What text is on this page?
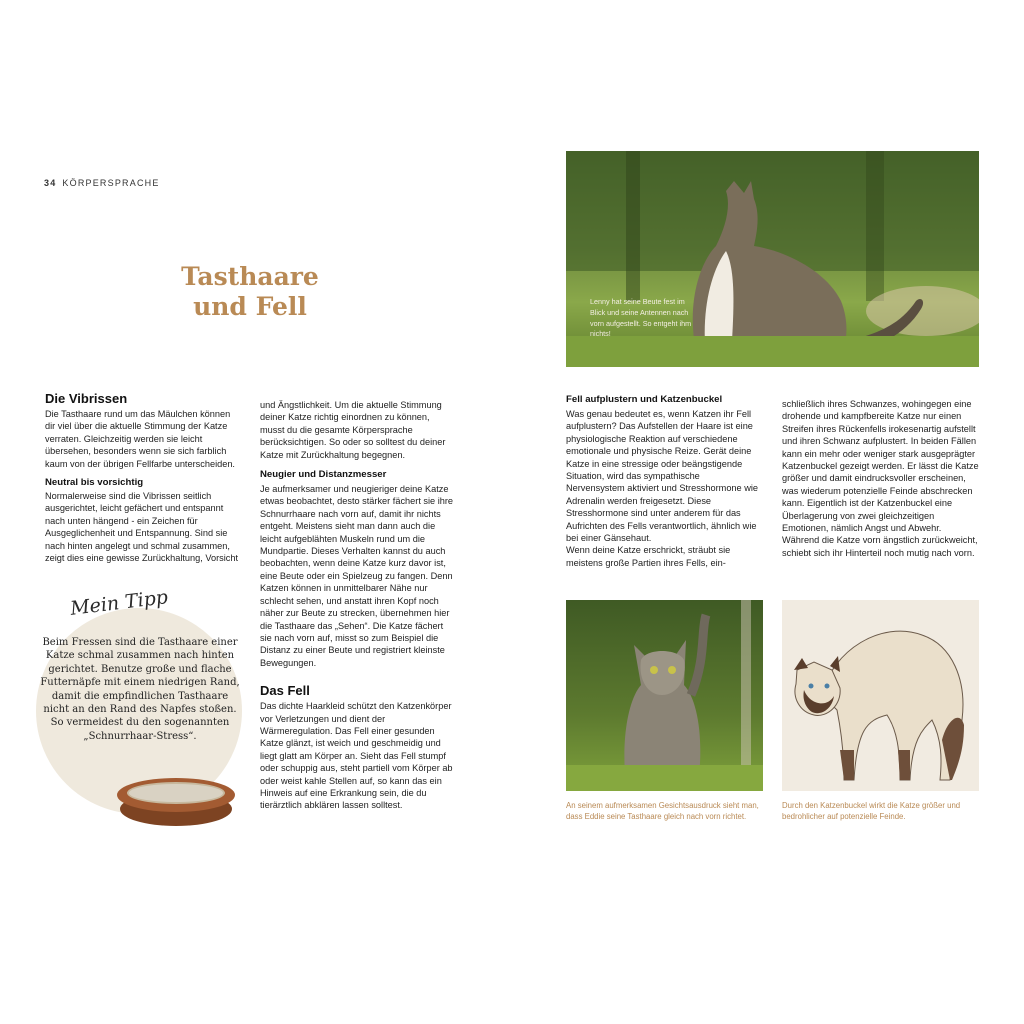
34 KÖRPERSPRACHE
Tasthaare
und Fell
Die Vibrissen
Die Tasthaare rund um das Mäulchen können dir viel über die aktuelle Stimmung der Katze verraten. Gleichzeitig werden sie leicht übersehen, besonders wenn sie sich farblich kaum von der übrigen Fellfarbe unterscheiden.
Neutral bis vorsichtig
Normalerweise sind die Vibrissen seitlich ausgerichtet, leicht gefächert und entspannt nach unten hängend - ein Zeichen für Ausgeglichenheit und Entspannung. Sind sie nach hinten angelegt und schmal zusammen, zeigt dies eine gewisse Zurückhaltung, Vorsicht
Mein Tipp
Beim Fressen sind die Tasthaare einer Katze schmal zusammen nach hinten gerichtet. Benutze große und flache Futternäpfe mit einem niedrigen Rand, damit die empfindlichen Tasthaare nicht an den Rand des Napfes stoßen. So vermeidest du den sogenannten „Schnurrhaar-Stress“.
und Ängstlichkeit. Um die aktuelle Stimmung deiner Katze richtig einordnen zu können, musst du die gesamte Körpersprache berücksichtigen. So oder so solltest du deiner Katze mit Zurückhaltung begegnen.
Neugier und Distanzmesser
Je aufmerksamer und neugieriger deine Katze etwas beobachtet, desto stärker fächert sie ihre Schnurrhaare nach vorn auf, damit ihr nichts entgeht. Meistens sieht man dann auch die leicht aufgeblähten Muskeln rund um die Mundpartie. Dieses Verhalten kannst du auch beobachten, wenn deine Katze kurz davor ist, eine Beute oder ein Spielzeug zu fangen. Denn Katzen können in unmittelbarer Nähe nur schlecht sehen, und anstatt ihren Kopf noch näher zur Beute zu strecken, übernehmen hier die Tasthaare das „Sehen“. Die Katze fächert sie nach vorn auf, misst so zum Beispiel die Distanz zu einer Beute und registriert kleinste Bewegungen.
Das Fell
Das dichte Haarkleid schützt den Katzenkörper vor Verletzungen und dient der Wärmeregulation. Das Fell einer gesunden Katze glänzt, ist weich und geschmeidig und liegt glatt am Körper an. Sieht das Fell stumpf oder schuppig aus, steht partiell vom Körper ab oder weist kahle Stellen auf, so kann das ein Hinweis auf eine Erkrankung sein, die du tierärztlich abklären lassen solltest.
Lenny hat seine Beute fest im Blick und seine Antennen nach vorn aufgestellt. So entgeht ihm nichts!
Fell aufplustern und Katzenbuckel
Was genau bedeutet es, wenn Katzen ihr Fell aufplustern? Das Aufstellen der Haare ist eine physiologische Reaktion auf verschiedene emotionale und physische Reize. Gerät deine Katze in eine stressige oder beängstigende Situation, wird das sympathische Nervensystem aktiviert und Stresshormone wie Adrenalin werden freigesetzt. Diese Stresshormone sind unter anderem für das Aufrichten des Fells verantwortlich, ähnlich wie bei einer Gänsehaut.
Wenn deine Katze erschrickt, sträubt sie meistens große Partien ihres Fells, ein-
schließlich ihres Schwanzes, wohingegen eine drohende und kampfbereite Katze nur einen Streifen ihres Rückenfells irokesenartig aufstellt und ihren Schwanz aufplustert. In beiden Fällen kann ein mehr oder weniger stark ausgeprägter Katzenbuckel gezeigt werden. Er lässt die Katze größer und damit eindrucksvoller erscheinen, was wiederum potenzielle Feinde abschrecken kann. Eigentlich ist der Katzenbuckel eine Überlagerung von zwei gleichzeitigen Emotionen, nämlich Angst und Abwehr. Während die Katze vorn ängstlich zurückweicht, schiebt sich ihr Hinterteil noch mutig nach vorn.
An seinem aufmerksamen Gesichtsausdruck sieht man, dass Eddie seine Tasthaare gleich nach vorn richtet.
Durch den Katzenbuckel wirkt die Katze größer und bedrohlicher auf potenzielle Feinde.
